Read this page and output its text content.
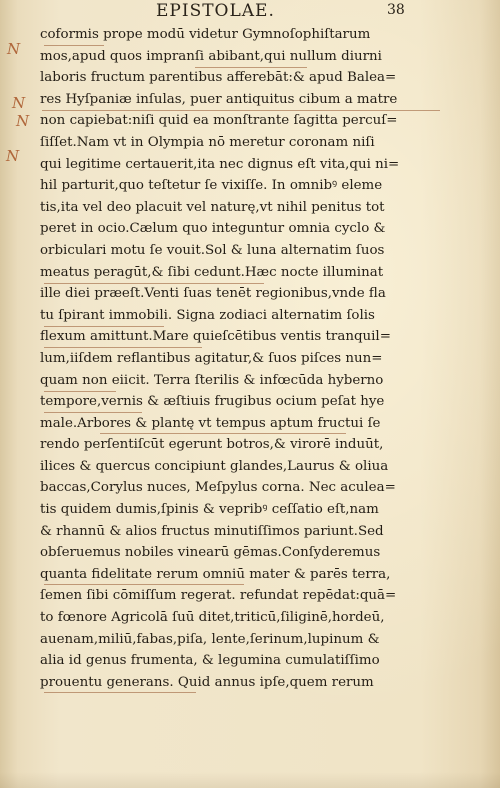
EPISTOLAE.	38
N
N
N
N
coformis prope modū videtur Gymnoſophiſtarum
mos,apud quos impranſi abibant,qui nullum diurni
laboris fructum parentibus afferebāt:& apud Balea=
res Hyſpaniæ inſulas, puer antiquitus cibum a matre
non capiebat:niſi quid ea monſtrante ſagitta percuſ=
ſiſſet.Nam vt in Olympia nō meretur coronam niſi
qui legitime certauerit,ita nec dignus eſt vita,qui ni=
hil parturit,quo teſtetur ſe vixiſſe. In omnibꝰ eleme
tis,ita vel deo placuit vel naturę,vt nihil penitus tot
peret in ocio.Cælum quo integuntur omnia cyclo &
orbiculari motu ſe vouit.Sol & luna alternatim ſuos
meatus peragūt,& ſibi cedunt.Hæc nocte illuminat
ille diei præeſt.Venti ſuas tenēt regionibus,vnde fla
tu ſpirant immobili. Signa zodiaci alternatim ſolis
flexum amittunt.Mare quieſcētibus ventis tranquil=
lum,iiſdem reflantibus agitatur,& ſuos piſces nun=
quam non eiicit. Terra ſterilis & infœcūda hyberno
tempore,vernis & æſtiuis frugibus ocium peſat hye
male.Arbores & plantę vt tempus aptum fructui ſe
rendo perſentiſcūt egerunt botros,& virorē induūt,
ilices & quercus concipiunt glandes,Laurus & oliua
baccas,Corylus nuces, Meſpylus corna. Nec aculea=
tis quidem dumis,ſpinis & vepribꝰ ceſſatio eſt,nam
& rhannū & alios fructus minutiſſimos pariunt.Sed
obſeruemus nobiles vinearū gēmas.Conſyderemus
quanta fidelitate rerum omniū mater & parēs terra,
ſemen ſibi cōmiſſum regerat. refundat repēdat:quā=
to fœnore Agricolā ſuū ditet,triticū,ſiliginē,hordeū,
auenam,miliū,fabas,piſa, lente,ſerinum,lupinum &
alia id genus frumenta, & legumina cumulatiſſimo
prouentu generans. Quid annus ipſe,quem rerum
